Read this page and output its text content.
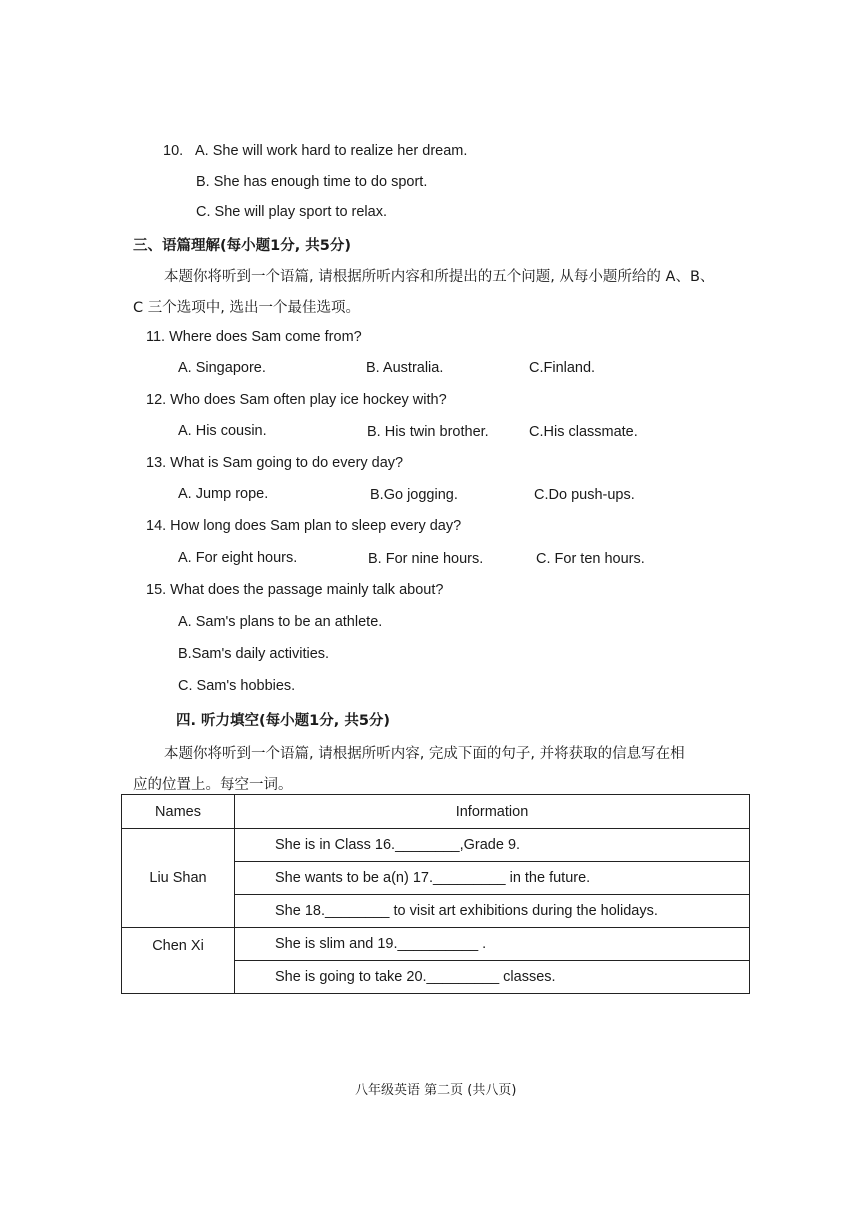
10. A. She will work hard to realize her dream.
B. She has enough time to do sport.
C. She will play sport to relax.
三、语篇理解(每小题1分, 共5分)
本题你将听到一个语篇, 请根据所听内容和所提出的五个问题, 从每小题所给的 A、B、
C 三个选项中, 选出一个最佳选项。
11. Where does Sam come from?
A. Singapore.	B. Australia.	C.Finland.
12. Who does Sam often play ice hockey with?
A. His cousin.	B. His twin brother.	C.His classmate.
13. What is Sam going to do every day?
A. Jump rope.	B.Go jogging.	C.Do push-ups.
14. How long does Sam plan to sleep every day?
A. For eight hours.	B. For nine hours.	C. For ten hours.
15. What does the passage mainly talk about?
A. Sam's plans to be an athlete.
B.Sam's daily activities.
C. Sam's hobbies.
四. 听力填空(每小题1分, 共5分)
本题你将听到一个语篇, 请根据所听内容, 完成下面的句子, 并将获取的信息写在相
应的位置上。每空一词。
Names	Information
Liu Shan	She is in Class 16.________,Grade 9.
	She wants to be a(n) 17._________ in the future.
	She 18.________ to visit art exhibitions during the holidays.
Chen Xi	She is slim and 19.__________ .
	She is going to take 20._________ classes.
八年级英语 第二页 (共八页)
